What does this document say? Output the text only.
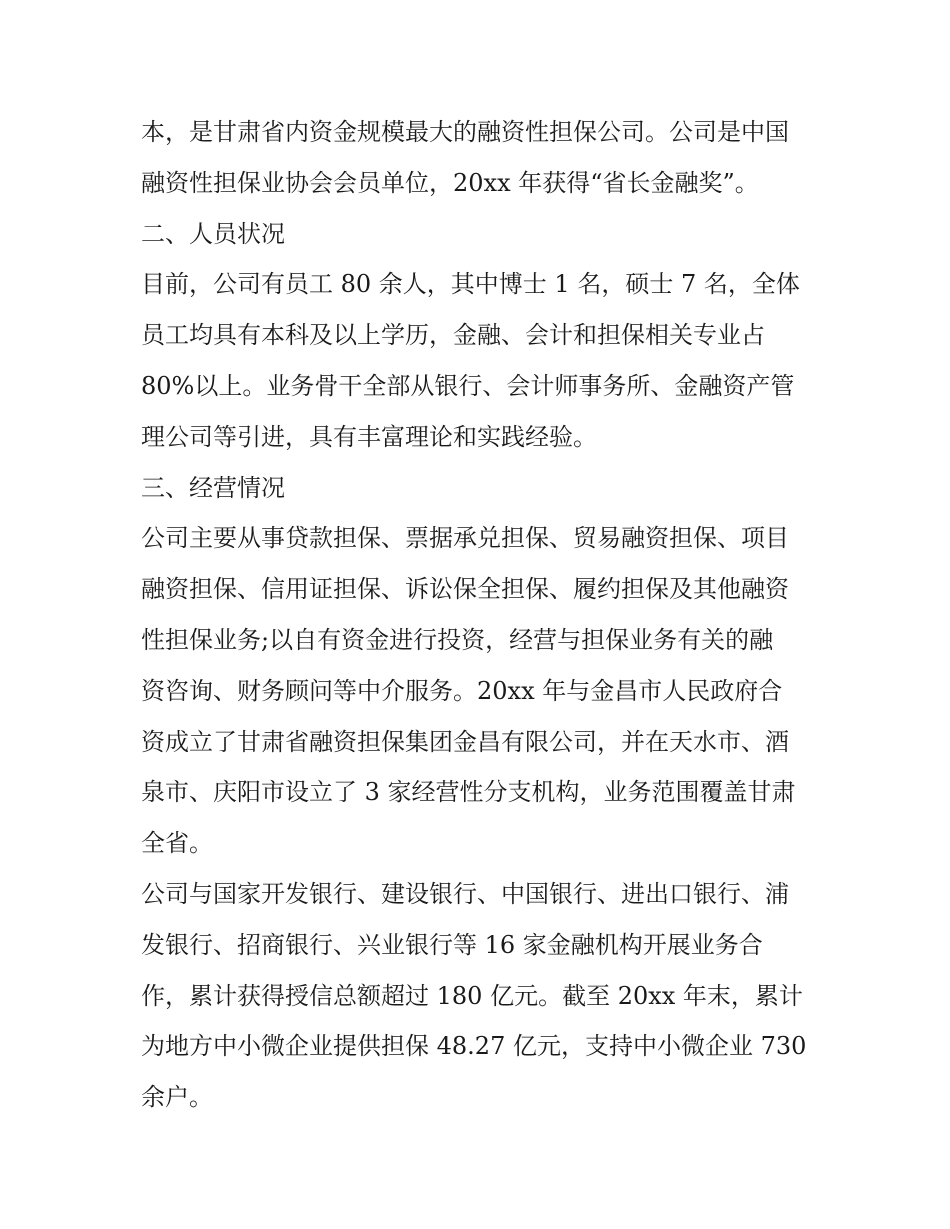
本，是甘肃省内资金规模最大的融资性担保公司。公司是中国
融资性担保业协会会员单位，20xx 年获得“省长金融奖”。
二、人员状况
目前，公司有员工 80 余人，其中博士 1 名，硕士 7 名，全体
员工均具有本科及以上学历，金融、会计和担保相关专业占
80%以上。业务骨干全部从银行、会计师事务所、金融资产管
理公司等引进，具有丰富理论和实践经验。
三、经营情况
公司主要从事贷款担保、票据承兑担保、贸易融资担保、项目
融资担保、信用证担保、诉讼保全担保、履约担保及其他融资
性担保业务;以自有资金进行投资，经营与担保业务有关的融
资咨询、财务顾问等中介服务。20xx 年与金昌市人民政府合
资成立了甘肃省融资担保集团金昌有限公司，并在天水市、酒
泉市、庆阳市设立了 3 家经营性分支机构，业务范围覆盖甘肃
全省。
公司与国家开发银行、建设银行、中国银行、进出口银行、浦
发银行、招商银行、兴业银行等 16 家金融机构开展业务合
作，累计获得授信总额超过 180 亿元。截至 20xx 年末，累计
为地方中小微企业提供担保 48.27 亿元，支持中小微企业 730
余户。
